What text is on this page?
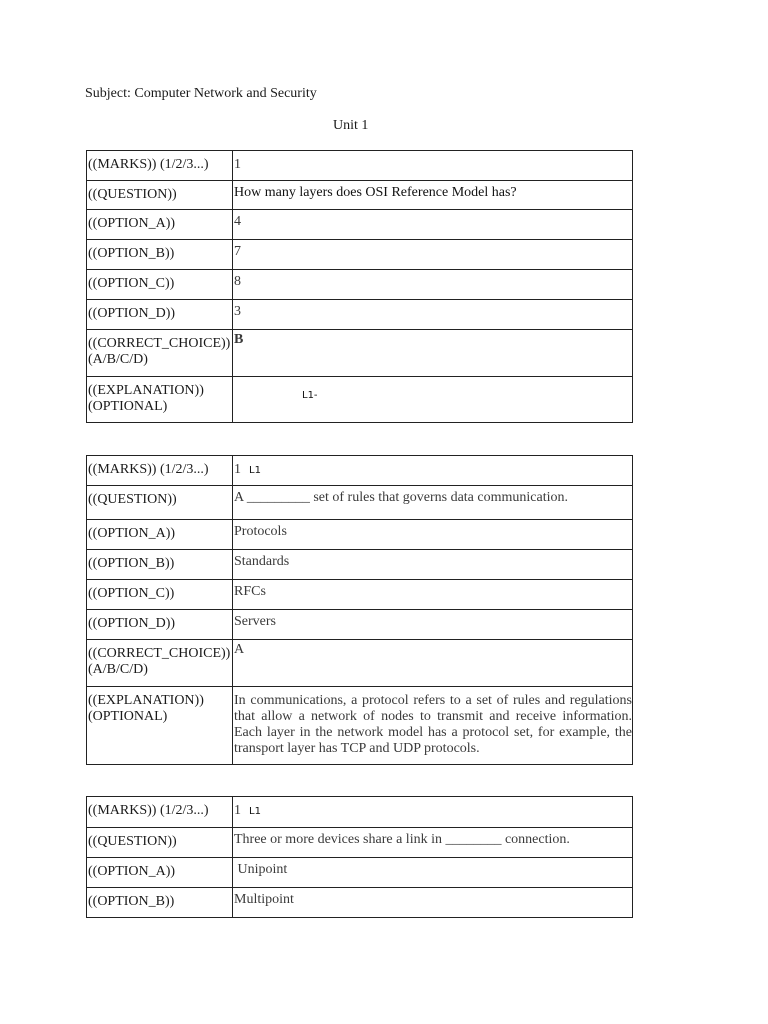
Subject: Computer Network and Security
Unit 1
((MARKS)) (1/2/3...)	1
((QUESTION))	How many layers does OSI Reference Model has?
((OPTION_A))	4
((OPTION_B))	7
((OPTION_C))	8
((OPTION_D))	3

((CORRECT_CHOICE))
(A/B/C/D)	B

((EXPLANATION))
(OPTIONAL)	L1-
((MARKS)) (1/2/3...)	1 L1
((QUESTION))	A _________ set of rules that governs data communication.
((OPTION_A))	Protocols
((OPTION_B))	Standards
((OPTION_C))	RFCs
((OPTION_D))	Servers

((CORRECT_CHOICE))
(A/B/C/D)	A

((EXPLANATION))
(OPTIONAL)	In communications, a protocol refers to a set of rules and regulations that allow a network of nodes to transmit and receive information. Each layer in the network model has a protocol set, for example, the transport layer has TCP and UDP protocols.
((MARKS)) (1/2/3...)	1 L1
((QUESTION))	Three or more devices share a link in ________ connection.
((OPTION_A))	Unipoint
((OPTION_B))	Multipoint
